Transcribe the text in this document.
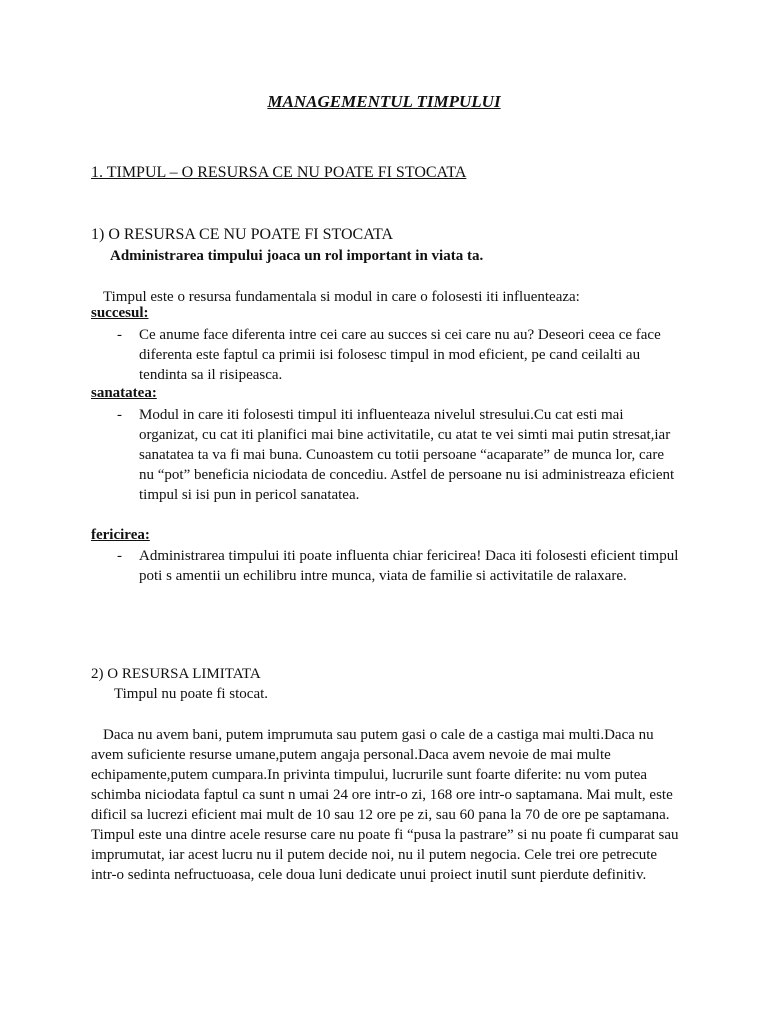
MANAGEMENTUL TIMPULUI

1. TIMPUL – O RESURSA CE NU POATE FI STOCATA

1) O RESURSA CE NU POATE FI STOCATA

Administrarea timpului joaca un rol important in viata ta.

Timpul este o resursa fundamentala si modul in care o folosesti iti influenteaza:

succesul:

- Ce anume face diferenta intre cei care au succes si cei care nu au? Deseori ceea ce face diferenta este faptul ca primii isi folosesc timpul in mod eficient, pe cand ceilalti au tendinta sa il risipeasca.

sanatatea:

- Modul in care iti folosesti timpul iti influenteaza nivelul stresului.Cu cat esti mai organizat, cu cat iti planifici mai bine activitatile, cu atat te vei simti mai putin stresat,iar sanatatea ta va fi mai buna. Cunoastem cu totii persoane “acaparate” de munca lor, care nu “pot” beneficia niciodata de concediu. Astfel de persoane nu isi administreaza eficient timpul si isi pun in pericol sanatatea.

fericirea:

- Administrarea timpului iti poate influenta chiar fericirea! Daca iti folosesti eficient timpul poti s amentii un echilibru intre munca, viata de familie si activitatile de ralaxare.

2) O RESURSA LIMITATA

Timpul nu poate fi stocat.

Daca nu avem bani, putem imprumuta sau putem gasi o cale de a castiga mai multi.Daca nu avem suficiente resurse umane,putem angaja personal.Daca avem nevoie de mai multe echipamente,putem cumpara.In privinta timpului, lucrurile sunt foarte diferite: nu vom putea schimba niciodata faptul ca sunt n umai 24 ore intr-o zi, 168 ore intr-o saptamana. Mai mult, este dificil sa lucrezi eficient mai mult de 10 sau 12 ore pe zi, sau 60 pana la 70 de ore pe saptamana. Timpul este una dintre acele resurse care nu poate fi “pusa la pastrare” si nu poate fi cumparat sau imprumutat, iar acest lucru nu il putem decide noi, nu il putem negocia. Cele trei ore petrecute intr-o sedinta nefructuoasa, cele doua luni dedicate unui proiect inutil sunt pierdute definitiv.
